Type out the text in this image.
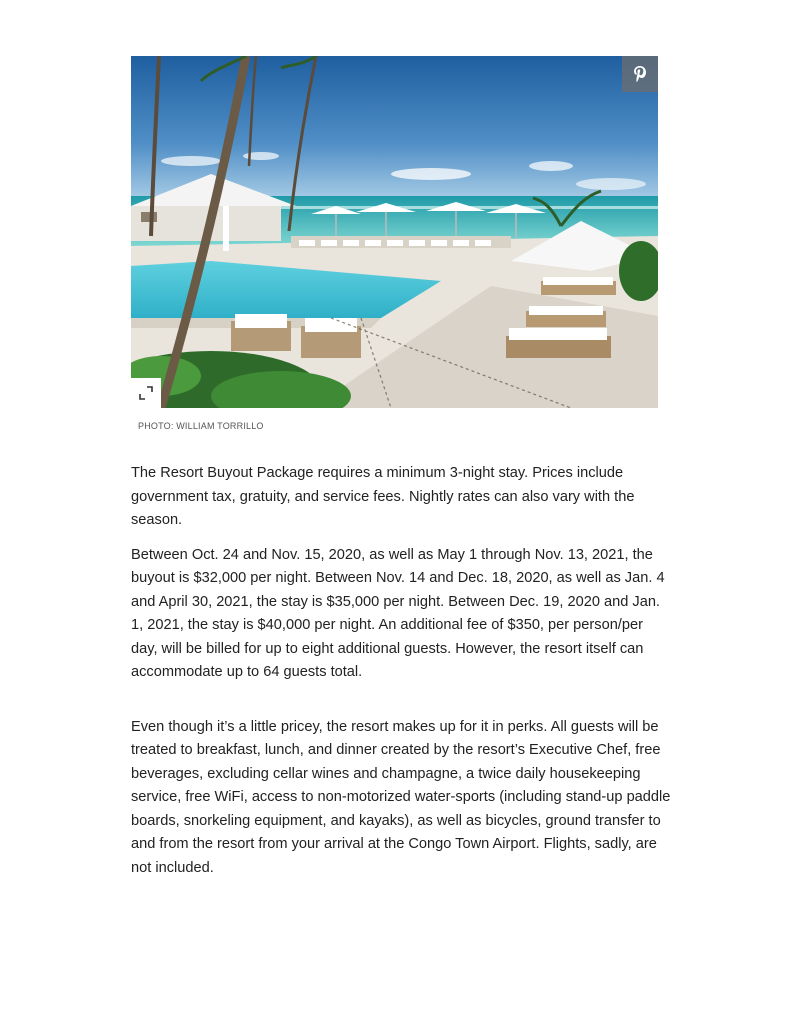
PHOTO: WILLIAM TORRILLO

The Resort Buyout Package requires a minimum 3-night stay. Prices include government tax, gratuity, and service fees. Nightly rates can also vary with the season.

Between Oct. 24 and Nov. 15, 2020, as well as May 1 through Nov. 13, 2021, the buyout is $32,000 per night. Between Nov. 14 and Dec. 18, 2020, as well as Jan. 4 and April 30, 2021, the stay is $35,000 per night. Between Dec. 19, 2020 and Jan. 1, 2021, the stay is $40,000 per night. An additional fee of $350, per person/per day, will be billed for up to eight additional guests. However, the resort itself can accommodate up to 64 guests total.

Even though it’s a little pricey, the resort makes up for it in perks. All guests will be treated to breakfast, lunch, and dinner created by the resort’s Executive Chef, free beverages, excluding cellar wines and champagne, a twice daily housekeeping service, free WiFi, access to non-motorized water-sports (including stand-up paddle boards, snorkeling equipment, and kayaks), as well as bicycles, ground transfer to and from the resort from your arrival at the Congo Town Airport. Flights, sadly, are not included.
